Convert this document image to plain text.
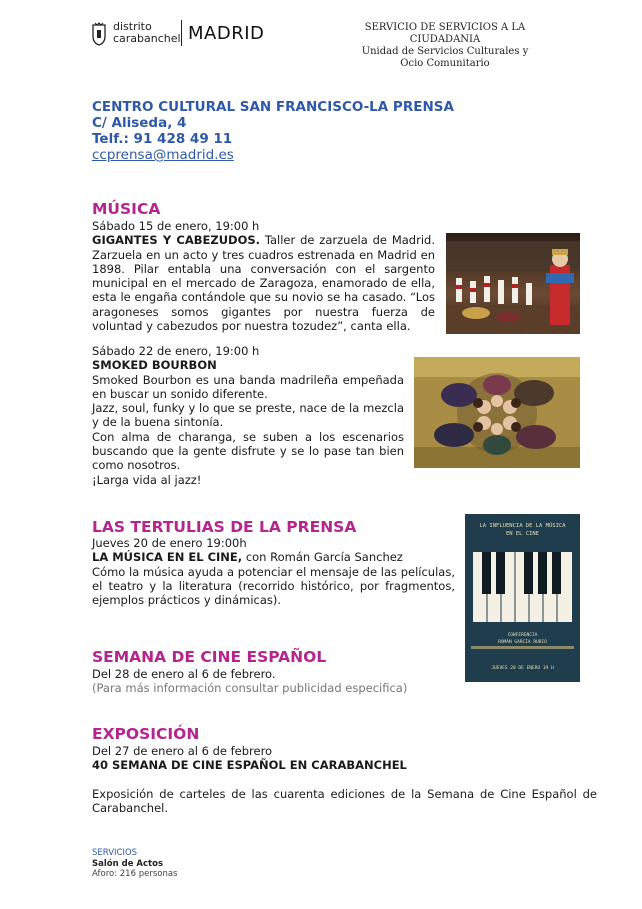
distrito
carabanchel MADRID	SERVICIO DE SERVICIOS A LA CIUDADANIA
Unidad de Servicios Culturales y
Ocio Comunitario
CENTRO CULTURAL SAN FRANCISCO-LA PRENSA
C/ Aliseda, 4
Telf.: 91 428 49 11
ccprensa@madrid.es
MÚSICA

Sábado 15 de enero, 19:00 h

GIGANTES Y CABEZUDOS. Taller de zarzuela de Madrid. Zarzuela en un acto y tres cuadros estrenada en Madrid en 1898. Pilar entabla una conversación con el sargento municipal en el mercado de Zaragoza, enamorado de ella, esta le engaña contándole que su novio se ha casado. “Los aragoneses somos gigantes por nuestra fuerza de voluntad y cabezudos por nuestra tozudez”, canta ella.

Sábado 22 de enero, 19:00 h

SMOKED BOURBON

Smoked Bourbon es una banda madrileña empeñada en buscar un sonido diferente.

Jazz, soul, funky y lo que se preste, nace de la mezcla y de la buena sintonía.

Con alma de charanga, se suben a los escenarios buscando que la gente disfrute y se lo pase tan bien como nosotros.

¡Larga vida al jazz!

LAS TERTULIAS DE LA PRENSA

Jueves 20 de enero 19:00h

LA MÚSICA EN EL CINE, con Román García Sanchez

Cómo la música ayuda a potenciar el mensaje de las películas, el teatro y la literatura (recorrido histórico, por fragmentos, ejemplos prácticos y dinámicas).

LA INFLUENCIA DE LA MÚSICA
EN EL CINE
CONFERENCIA
ROMÁN GARCÍA RUBIO
JUEVES 20 DE ENERO 19 H
SEMANA DE CINE ESPAÑOL

Del 28 de enero al 6 de febrero.

(Para más información consultar publicidad especifica)

EXPOSICIÓN

Del 27 de enero al 6 de febrero

40 SEMANA DE CINE ESPAÑOL EN CARABANCHEL

Exposición de carteles de las cuarenta ediciones de la Semana de Cine Español de Carabanchel.

SERVICIOS
Salón de Actos
Aforo: 216 personas
